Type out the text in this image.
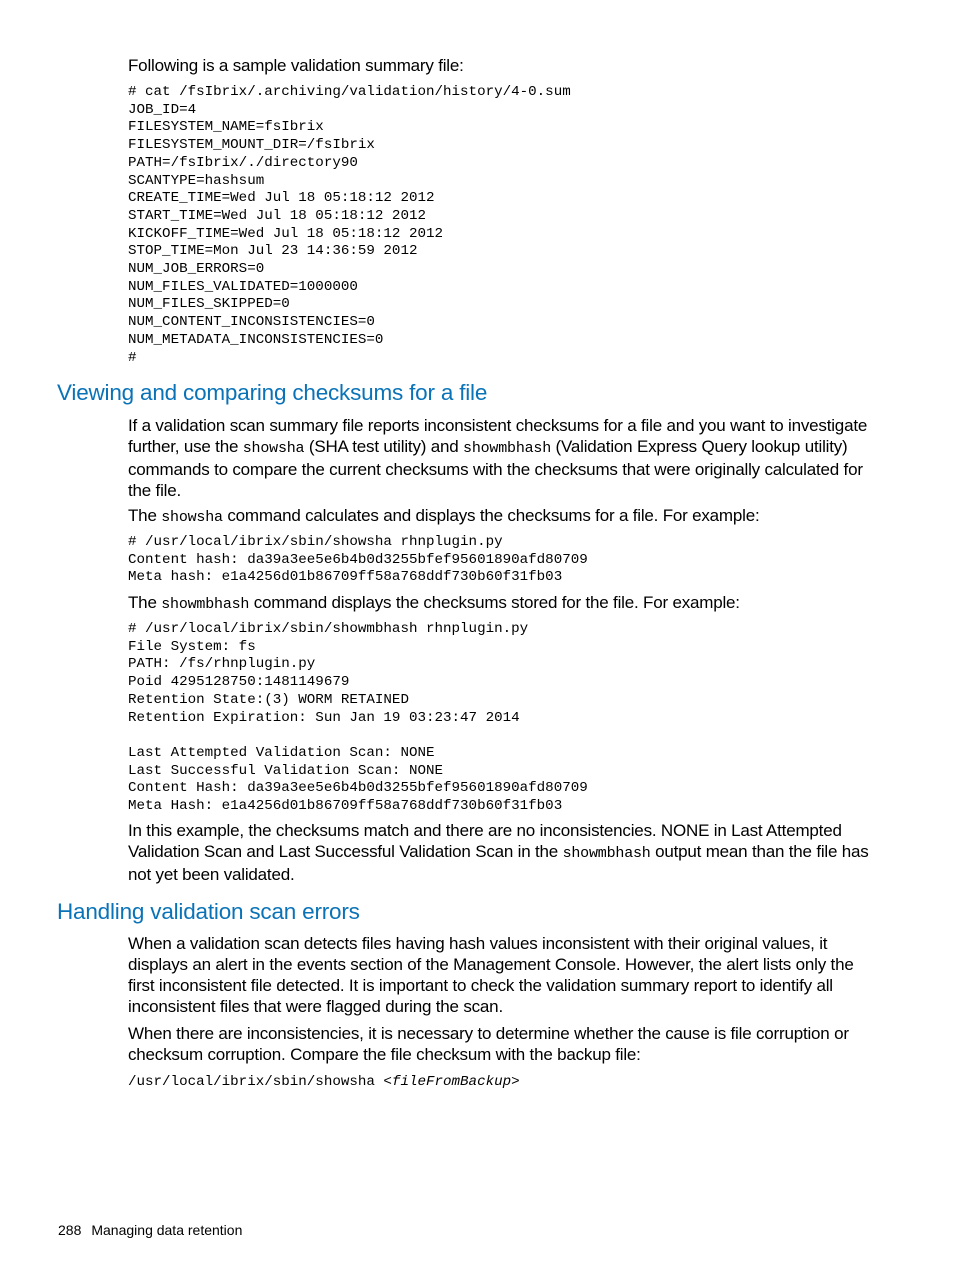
Following is a sample validation summary file:

# cat /fsIbrix/.archiving/validation/history/4-0.sum
JOB_ID=4
FILESYSTEM_NAME=fsIbrix
FILESYSTEM_MOUNT_DIR=/fsIbrix
PATH=/fsIbrix/./directory90
SCANTYPE=hashsum
CREATE_TIME=Wed Jul 18 05:18:12 2012
START_TIME=Wed Jul 18 05:18:12 2012
KICKOFF_TIME=Wed Jul 18 05:18:12 2012
STOP_TIME=Mon Jul 23 14:36:59 2012
NUM_JOB_ERRORS=0
NUM_FILES_VALIDATED=1000000
NUM_FILES_SKIPPED=0
NUM_CONTENT_INCONSISTENCIES=0
NUM_METADATA_INCONSISTENCIES=0
#
Viewing and comparing checksums for a file

If a validation scan summary file reports inconsistent checksums for a file and you want to investigate further, use the showsha (SHA test utility) and showmbhash (Validation Express Query lookup utility) commands to compare the current checksums with the checksums that were originally calculated for the file.

The showsha command calculates and displays the checksums for a file. For example:

# /usr/local/ibrix/sbin/showsha rhnplugin.py
Content hash: da39a3ee5e6b4b0d3255bfef95601890afd80709
Meta hash: e1a4256d01b86709ff58a768ddf730b60f31fb03

The showmbhash command displays the checksums stored for the file. For example:

# /usr/local/ibrix/sbin/showmbhash rhnplugin.py
File System: fs
PATH: /fs/rhnplugin.py
Poid 4295128750:1481149679
Retention State:(3) WORM RETAINED
Retention Expiration: Sun Jan 19 03:23:47 2014

Last Attempted Validation Scan: NONE
Last Successful Validation Scan: NONE
Content Hash: da39a3ee5e6b4b0d3255bfef95601890afd80709
Meta Hash: e1a4256d01b86709ff58a768ddf730b60f31fb03

In this example, the checksums match and there are no inconsistencies. NONE in Last Attempted Validation Scan and Last Successful Validation Scan in the showmbhash output mean than the file has not yet been validated.

Handling validation scan errors

When a validation scan detects files having hash values inconsistent with their original values, it displays an alert in the events section of the Management Console. However, the alert lists only the first inconsistent file detected. It is important to check the validation summary report to identify all inconsistent files that were flagged during the scan.

When there are inconsistencies, it is necessary to determine whether the cause is file corruption or checksum corruption. Compare the file checksum with the backup file:

/usr/local/ibrix/sbin/showsha <fileFromBackup>
288 Managing data retention
